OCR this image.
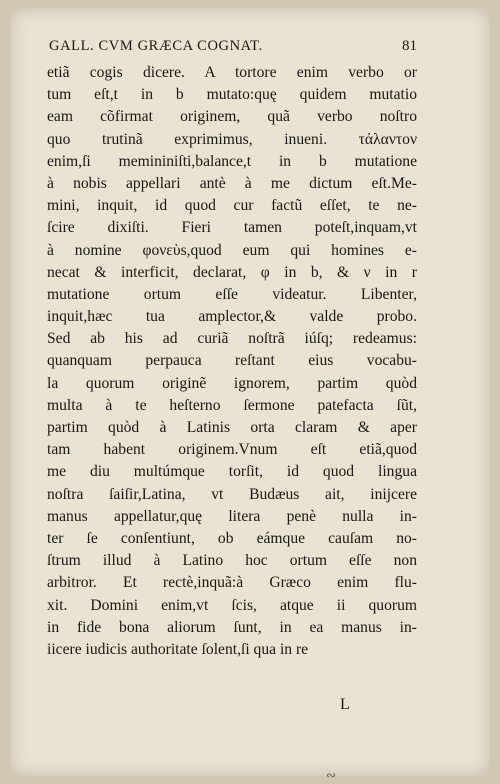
GALL. CVM GRÆCA COGNAT.	81
etiã cogis dicere. A tortore enim verbo or
tum eſt,t in b mutato:quę quidem mutatio
eam cõfirmat originem, quã verbo noſtro
quo trutinã exprimimus, inueni. τάλαντον
enim,ſi memininiſti,balance,t in b mutatione
à nobis appellari antè à me dictum eſt.Me-
mini, inquit, id quod cur factũ eſſet, te ne-
ſcire dixiſti. Fieri tamen poteſt,inquam,vt
à nomine φονεὺs,quod eum qui homines e-
necat & interficit, declarat, φ in b, & ν in r
mutatione ortum eſſe videatur. Libenter,
inquit,hæc tua amplector,& valde probo.
Sed ab his ad curiã noſtrã iúſq; redeamus:
quanquam perpauca reſtant eius vocabu-
la quorum originẽ ignorem, partim quòd
multa à te heſterno ſermone patefacta ſũt,
partim quòd à Latinis orta claram & aper
tam habent originem.Vnum eſt etiã,quod
me diu multúmque torſit, id quod lingua
noſtra ſaiſir,Latina, vt Budæus ait, inijcere
manus appellatur,quę litera penè nulla in-
ter ſe conſentiunt, ob eámque cauſam no-
ſtrum illud à Latino hoc ortum eſſe non
arbitror. Et rectè,inquã:à Græco enim flu-
xit. Domini enim,vt ſcis, atque ii quorum
in fide bona aliorum ſunt, in ea manus in-
iicere iudicis authoritate ſolent,ſi qua in re
L
∾
